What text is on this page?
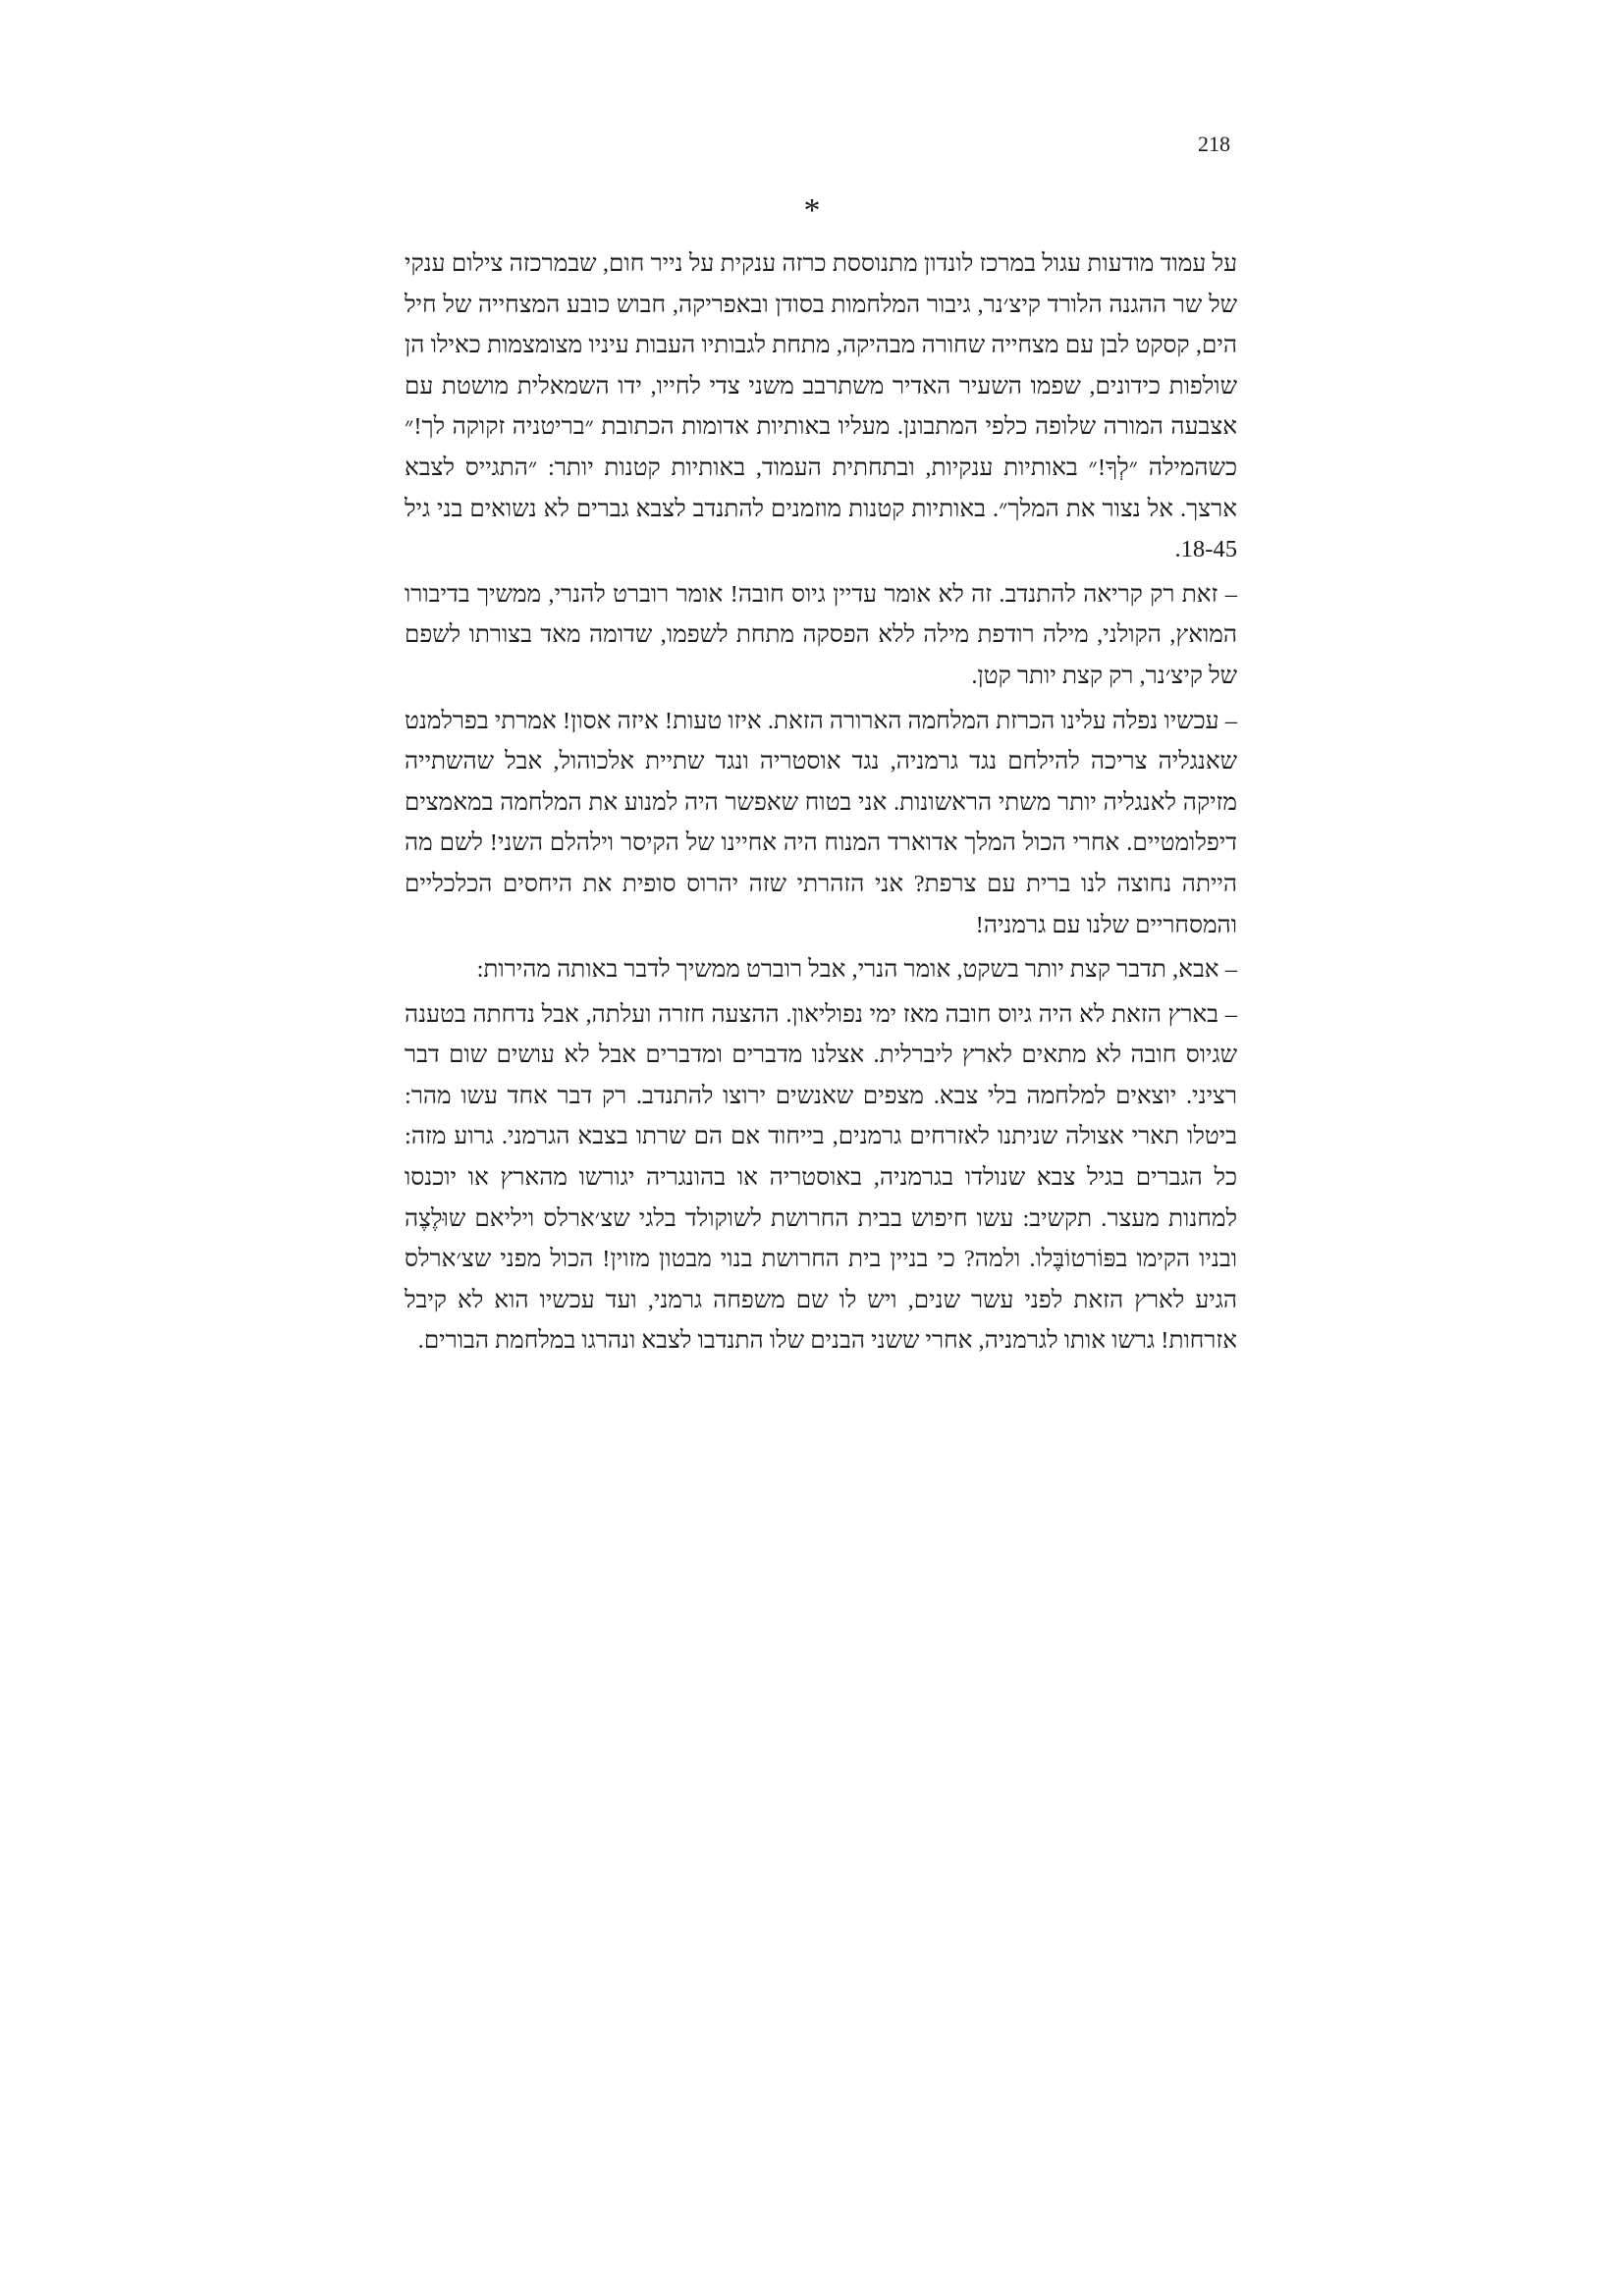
218
*

על עמוד מודעות עגול במרכז לונדון מתנוססת כרזה ענקית על נייר חום, שבמרכזה צילום ענקי של שר ההגנה הלורד קיצ׳נר, גיבור המלחמות בסודן ובאפריקה, חבוש כובע המצחייה של חיל הים, קסקט לבן עם מצחייה שחורה מבהיקה, מתחת לגבותיו העבות עיניו מצומצמות כאילו הן שולפות כידונים, שפמו השעיר האדיר משתרבב משני צדי לחייו, ידו השמאלית מושטת עם אצבעה המורה שלופה כלפי המתבונן. מעליו באותיות אדומות הכתובת ״בריטניה זקוקה לך!״ כשהמילה ״לְךָ!״ באותיות ענקיות, ובתחתית העמוד, באותיות קטנות יותר: ״התגייס לצבא ארצך. אל נצור את המלך״. באותיות קטנות מוזמנים להתנדב לצבא גברים לא נשואים בני גיל 18-45.

– זאת רק קריאה להתנדב. זה לא אומר עדיין גיוס חובה! אומר רוברט להנרי, ממשיך בדיבורו המואץ, הקולני, מילה רודפת מילה ללא הפסקה מתחת לשפמו, שדומה מאד בצורתו לשפם של קיצ׳נר, רק קצת יותר קטן.

– עכשיו נפלה עלינו הכרזת המלחמה הארורה הזאת. איזו טעות! איזה אסון! אמרתי בפרלמנט שאנגליה צריכה להילחם נגד גרמניה, נגד אוסטריה ונגד שתיית אלכוהול, אבל שהשתייה מזיקה לאנגליה יותר משתי הראשונות. אני בטוח שאפשר היה למנוע את המלחמה במאמצים דיפלומטיים. אחרי הכול המלך אדוארד המנוח היה אחיינו של הקיסר וילהלם השני! לשם מה הייתה נחוצה לנו ברית עם צרפת? אני הזהרתי שזה יהרוס סופית את היחסים הכלכליים והמסחריים שלנו עם גרמניה!

– אבא, תדבר קצת יותר בשקט, אומר הנרי, אבל רוברט ממשיך לדבר באותה מהירות:

– בארץ הזאת לא היה גיוס חובה מאז ימי נפוליאון. ההצעה חזרה ועלתה, אבל נדחתה בטענה שגיוס חובה לא מתאים לארץ ליברלית. אצלנו מדברים ומדברים אבל לא עושים שום דבר רציני. יוצאים למלחמה בלי צבא. מצפים שאנשים ירוצו להתנדב. רק דבר אחד עשו מהר: ביטלו תארי אצולה שניתנו לאזרחים גרמנים, בייחוד אם הם שרתו בצבא הגרמני. גרוע מזה: כל הגברים בגיל צבא שנולדו בגרמניה, באוסטריה או בהונגריה יגורשו מהארץ או יוכנסו למחנות מעצר. תקשיב: עשו חיפוש בבית החרושת לשוקולד בלגי שצ׳ארלס ויליאם שוּלֶצֶה ובניו הקימו בפּוֹרטוֹבֶּלו. ולמה? כי בניין בית החרושת בנוי מבטון מזוין! הכול מפני שצ׳ארלס הגיע לארץ הזאת לפני עשר שנים, ויש לו שם משפחה גרמני, ועד עכשיו הוא לא קיבל אזרחות! גרשו אותו לגרמניה, אחרי ששני הבנים שלו התנדבו לצבא ונהרגו במלחמת הבורים.
